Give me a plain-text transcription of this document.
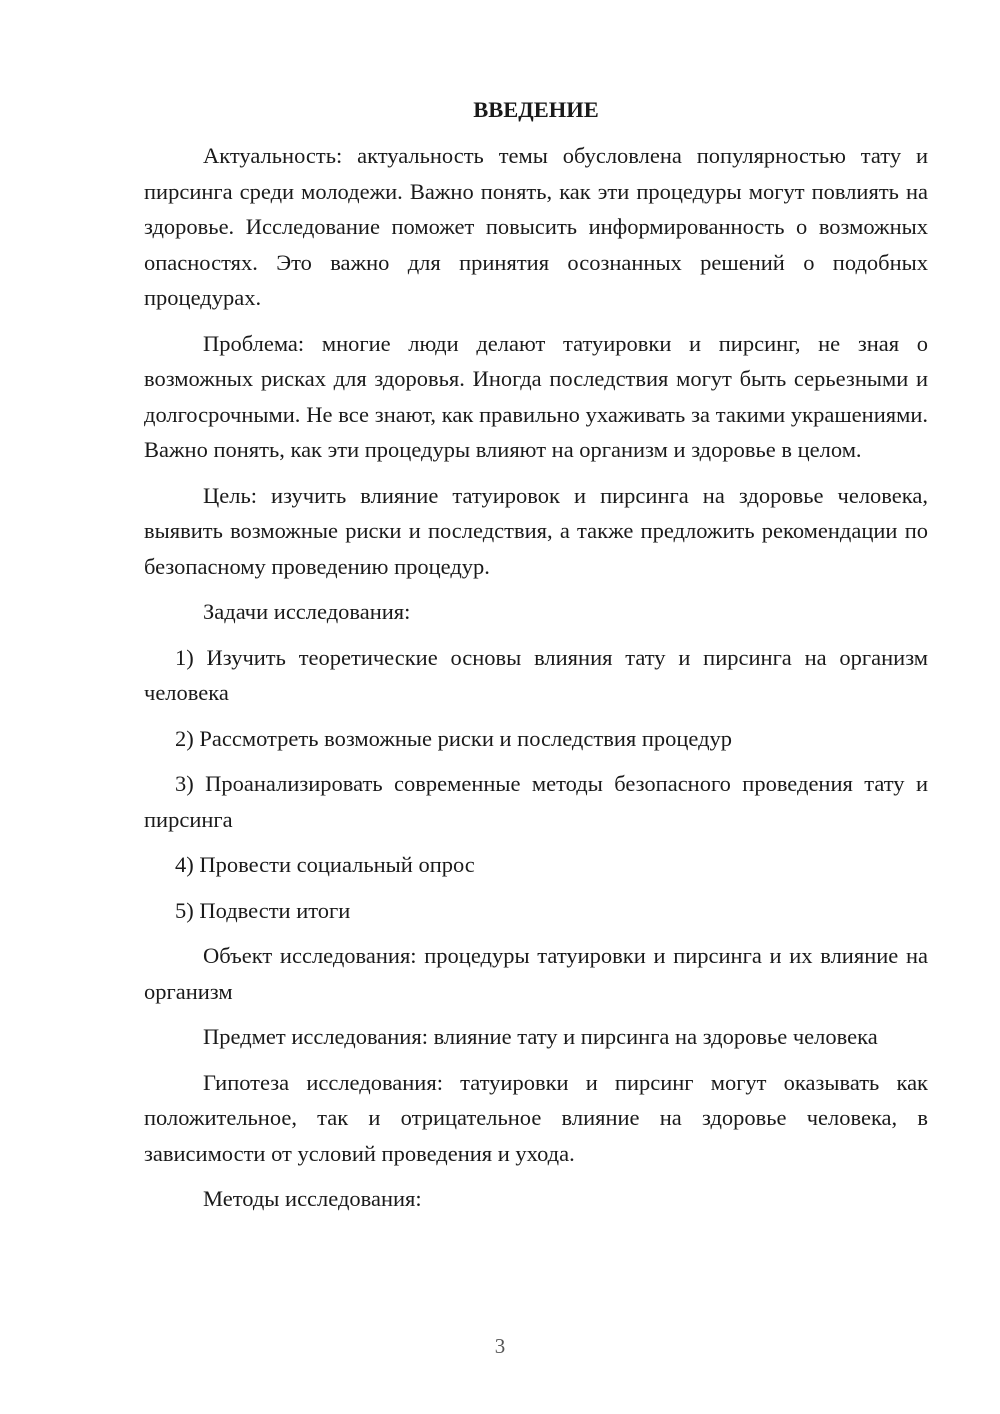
ВВЕДЕНИЕ

Актуальность: актуальность темы обусловлена популярностью тату и пирсинга среди молодежи. Важно понять, как эти процедуры могут повлиять на здоровье. Исследование поможет повысить информированность о возможных опасностях. Это важно для принятия осознанных решений о подобных процедурах.

Проблема: многие люди делают татуировки и пирсинг, не зная о возможных рисках для здоровья. Иногда последствия могут быть серьезными и долгосрочными. Не все знают, как правильно ухаживать за такими украшениями. Важно понять, как эти процедуры влияют на организм и здоровье в целом.

Цель: изучить влияние татуировок и пирсинга на здоровье человека, выявить возможные риски и последствия, а также предложить рекомендации по безопасному проведению процедур.

Задачи исследования:

1) Изучить теоретические основы влияния тату и пирсинга на организм человека

2) Рассмотреть возможные риски и последствия процедур

3) Проанализировать современные методы безопасного проведения тату и пирсинга

4) Провести социальный опрос

5) Подвести итоги

Объект исследования: процедуры татуировки и пирсинга и их влияние на организм

Предмет исследования: влияние тату и пирсинга на здоровье человека

Гипотеза исследования: татуировки и пирсинг могут оказывать как положительное, так и отрицательное влияние на здоровье человека, в зависимости от условий проведения и ухода.

Методы исследования:

3
